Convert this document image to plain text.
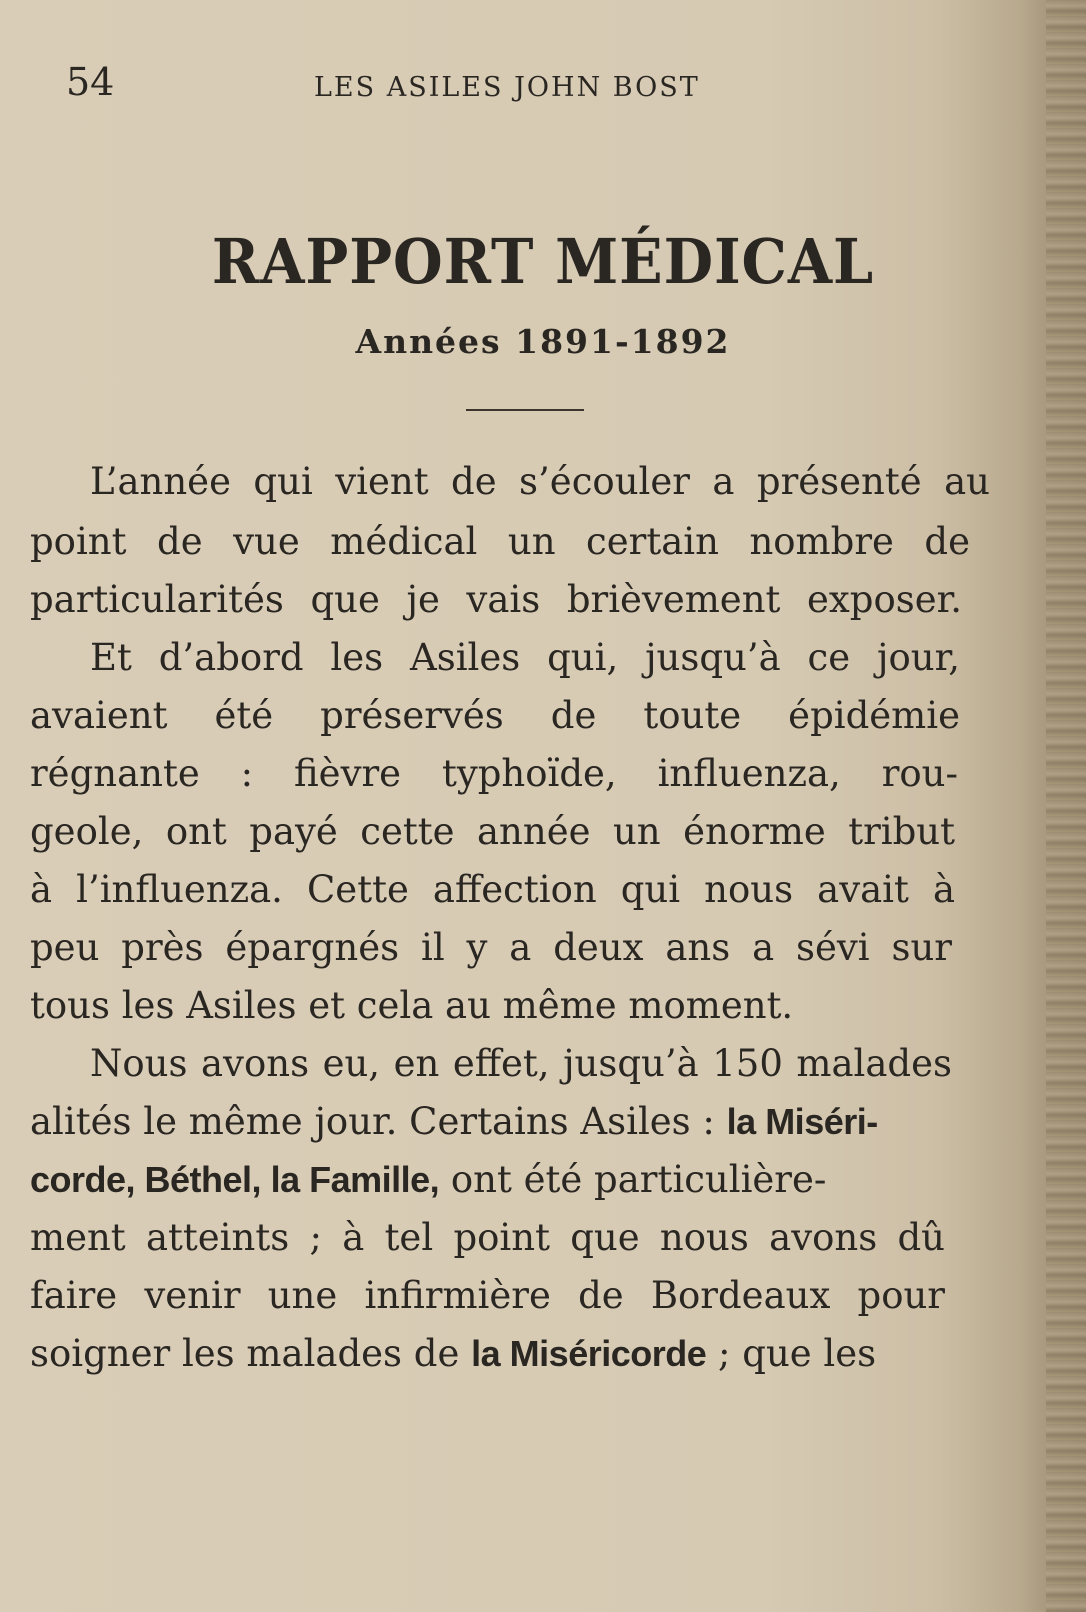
54	LES ASILES JOHN BOST
RAPPORT MÉDICAL
Années 1891-1892
L’année qui vient de s’écouler a présenté au
point de vue médical un certain nombre de
particularités que je vais brièvement exposer.
Et d’abord les Asiles qui, jusqu’à ce jour,
avaient été préservés de toute épidémie
régnante : fièvre typhoïde, influenza, rou-
geole, ont payé cette année un énorme tribut
à l’influenza. Cette affection qui nous avait à
peu près épargnés il y a deux ans a sévi sur
tous les Asiles et cela au même moment.
Nous avons eu, en effet, jusqu’à 150 malades
alités le même jour. Certains Asiles : la Miséri-
corde, Béthel, la Famille, ont été particulière-
ment atteints ; à tel point que nous avons dû
faire venir une infirmière de Bordeaux pour
soigner les malades de la Miséricorde ; que les
